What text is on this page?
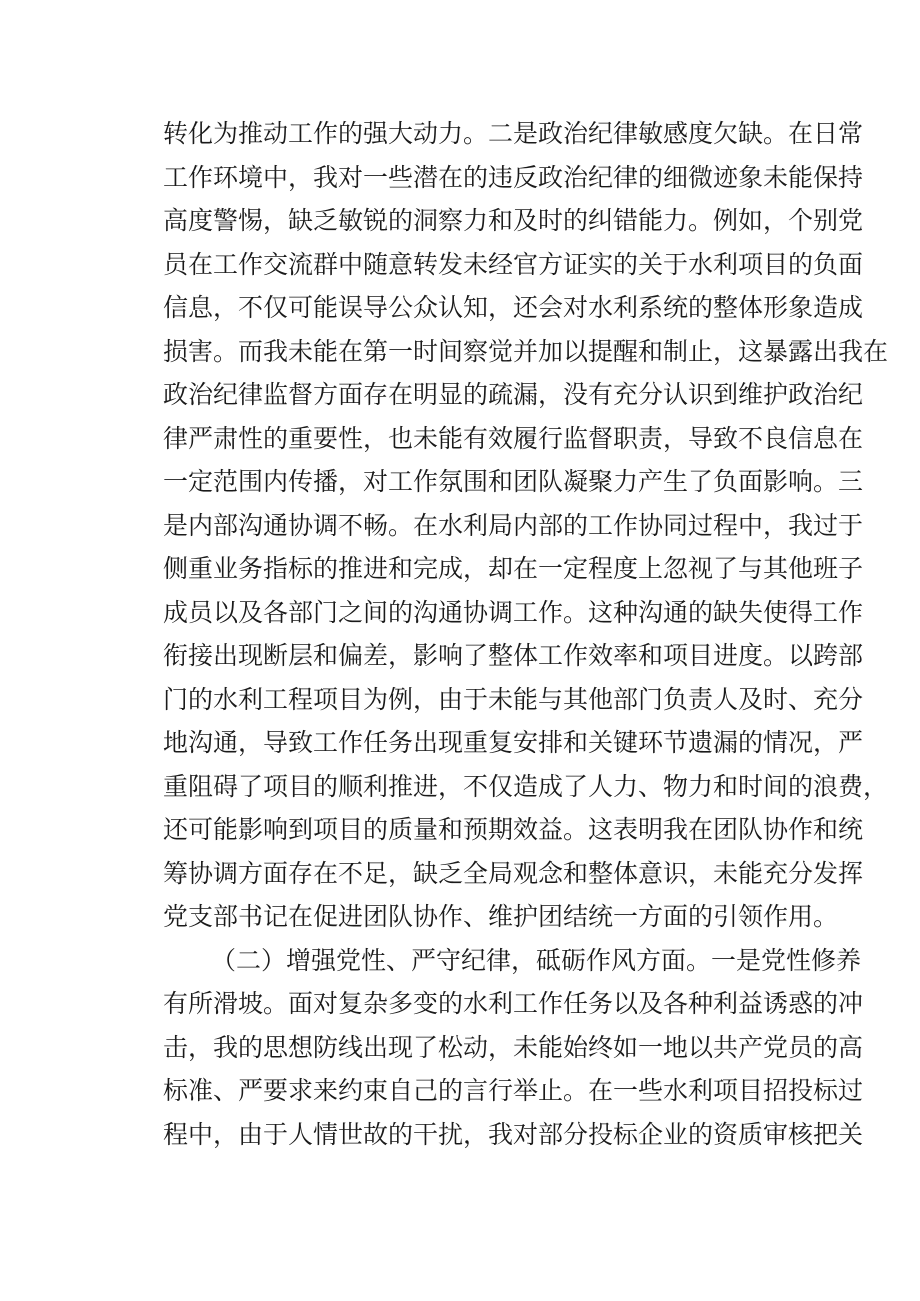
转化为推动工作的强大动力。二是政治纪律敏感度欠缺。在日常
工作环境中，我对一些潜在的违反政治纪律的细微迹象未能保持
高度警惕，缺乏敏锐的洞察力和及时的纠错能力。例如，个别党
员在工作交流群中随意转发未经官方证实的关于水利项目的负面
信息，不仅可能误导公众认知，还会对水利系统的整体形象造成
损害。而我未能在第一时间察觉并加以提醒和制止，这暴露出我在
政治纪律监督方面存在明显的疏漏，没有充分认识到维护政治纪
律严肃性的重要性，也未能有效履行监督职责，导致不良信息在
一定范围内传播，对工作氛围和团队凝聚力产生了负面影响。三
是内部沟通协调不畅。在水利局内部的工作协同过程中，我过于
侧重业务指标的推进和完成，却在一定程度上忽视了与其他班子
成员以及各部门之间的沟通协调工作。这种沟通的缺失使得工作
衔接出现断层和偏差，影响了整体工作效率和项目进度。以跨部
门的水利工程项目为例，由于未能与其他部门负责人及时、充分
地沟通，导致工作任务出现重复安排和关键环节遗漏的情况，严
重阻碍了项目的顺利推进，不仅造成了人力、物力和时间的浪费，
还可能影响到项目的质量和预期效益。这表明我在团队协作和统
筹协调方面存在不足，缺乏全局观念和整体意识，未能充分发挥
党支部书记在促进团队协作、维护团结统一方面的引领作用。
（二）增强党性、严守纪律，砥砺作风方面。一是党性修养
有所滑坡。面对复杂多变的水利工作任务以及各种利益诱惑的冲
击，我的思想防线出现了松动，未能始终如一地以共产党员的高
标准、严要求来约束自己的言行举止。在一些水利项目招投标过
程中，由于人情世故的干扰，我对部分投标企业的资质审核把关
